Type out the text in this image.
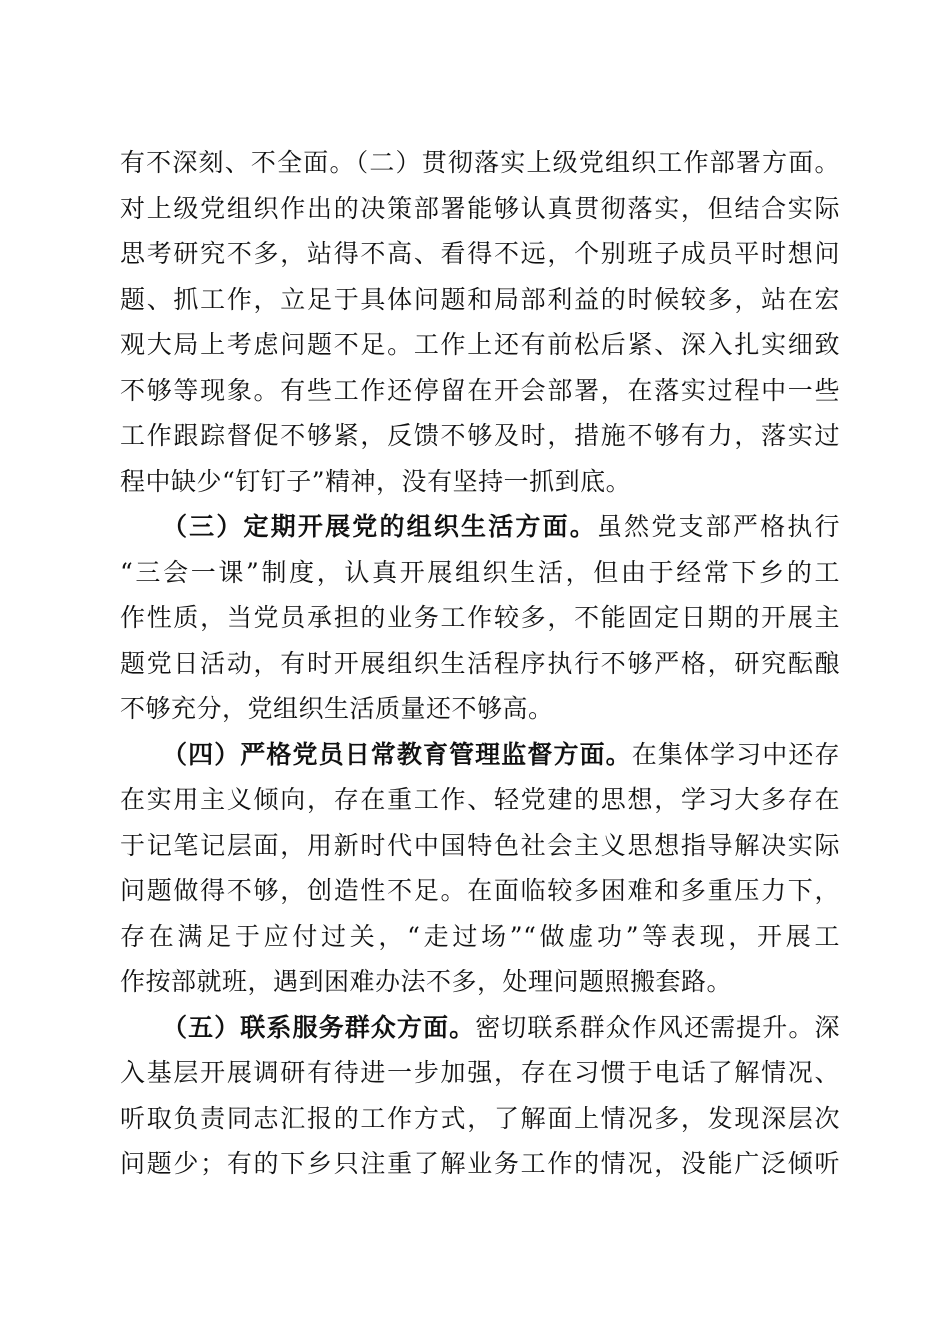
有不深刻、不全面。（二）贯彻落实上级党组织工作部署方面。
对上级党组织作出的决策部署能够认真贯彻落实，但结合实际
思考研究不多，站得不高、看得不远，个别班子成员平时想问
题、抓工作，立足于具体问题和局部利益的时候较多，站在宏
观大局上考虑问题不足。工作上还有前松后紧、深入扎实细致
不够等现象。有些工作还停留在开会部署，在落实过程中一些
工作跟踪督促不够紧，反馈不够及时，措施不够有力，落实过
程中缺少“钉钉子”精神，没有坚持一抓到底。
（三）定期开展党的组织生活方面。虽然党支部严格执行
“三会一课”制度，认真开展组织生活，但由于经常下乡的工
作性质，当党员承担的业务工作较多，不能固定日期的开展主
题党日活动，有时开展组织生活程序执行不够严格，研究酝酿
不够充分，党组织生活质量还不够高。
（四）严格党员日常教育管理监督方面。在集体学习中还存
在实用主义倾向，存在重工作、轻党建的思想，学习大多存在
于记笔记层面，用新时代中国特色社会主义思想指导解决实际
问题做得不够，创造性不足。在面临较多困难和多重压力下，
存在满足于应付过关，“走过场”“做虚功”等表现，开展工
作按部就班，遇到困难办法不多，处理问题照搬套路。
（五）联系服务群众方面。密切联系群众作风还需提升。深
入基层开展调研有待进一步加强，存在习惯于电话了解情况、
听取负责同志汇报的工作方式，了解面上情况多，发现深层次
问题少；有的下乡只注重了解业务工作的情况，没能广泛倾听
